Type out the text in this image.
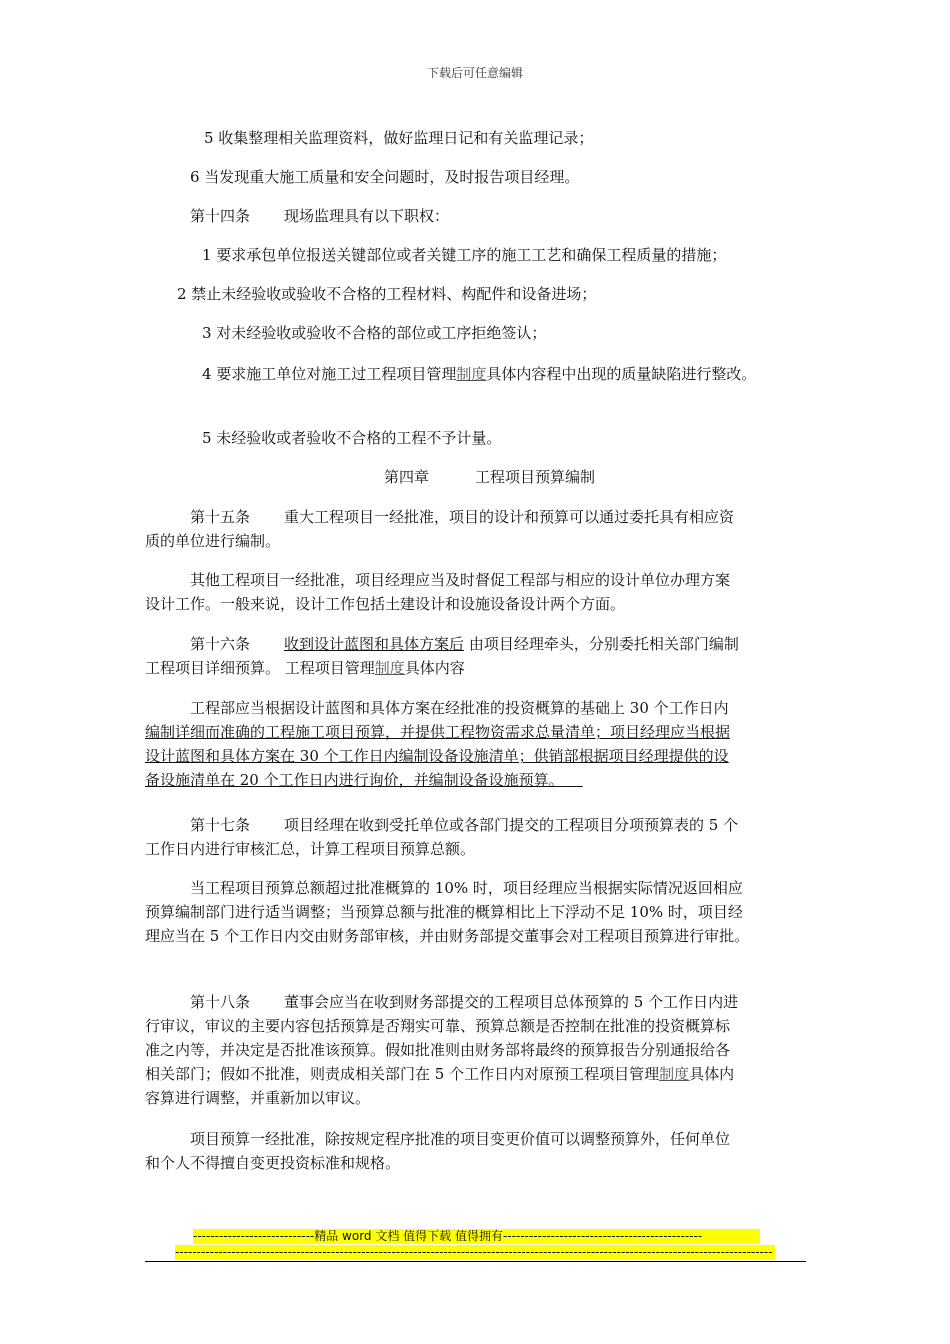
下载后可任意编辑
5 收集整理相关监理资料，做好监理日记和有关监理记录；
6 当发现重大施工质量和安全问题时，及时报告项目经理。
第十四条 现场监理具有以下职权：
1 要求承包单位报送关键部位或者关键工序的施工工艺和确保工程质量的措施；
2 禁止未经验收或验收不合格的工程材料、构配件和设备进场；
3 对未经验收或验收不合格的部位或工序拒绝签认；
4 要求施工单位对施工过工程项目管理制度具体内容程中出现的质量缺陷进行整改。
5 未经验收或者验收不合格的工程不予计量。
第四章	工程项目预算编制
第十五条 重大工程项目一经批准，项目的设计和预算可以通过委托具有相应资
质的单位进行编制。
其他工程项目一经批准，项目经理应当及时督促工程部与相应的设计单位办理方案
设计工作。一般来说，设计工作包括土建设计和设施设备设计两个方面。
第十六条 收到设计蓝图和具体方案后 由项目经理牵头，分别委托相关部门编制
工程项目详细预算。 工程项目管理制度具体内容
工程部应当根据设计蓝图和具体方案在经批准的投资概算的基础上 30 个工作日内
编制详细而准确的工程施工项目预算，并提供工程物资需求总量清单；项目经理应当根据
设计蓝图和具体方案在 30 个工作日内编制设备设施清单；供销部根据项目经理提供的设
备设施清单在 20 个工作日内进行询价，并编制设备设施预算。
第十七条 项目经理在收到受托单位或各部门提交的工程项目分项预算表的 5 个
工作日内进行审核汇总，计算工程项目预算总额。
当工程项目预算总额超过批准概算的 10% 时，项目经理应当根据实际情况返回相应
预算编制部门进行适当调整；当预算总额与批准的概算相比上下浮动不足 10% 时，项目经
理应当在 5 个工作日内交由财务部审核，并由财务部提交董事会对工程项目预算进行审批。
第十八条 董事会应当在收到财务部提交的工程项目总体预算的 5 个工作日内进
行审议，审议的主要内容包括预算是否翔实可靠、预算总额是否控制在批准的投资概算标
准之内等，并决定是否批准该预算。假如批准则由财务部将最终的预算报告分别通报给各
相关部门；假如不批准，则责成相关部门在 5 个工作日内对原预工程项目管理制度具体内
容算进行调整，并重新加以审议。
项目预算一经批准，除按规定程序批准的项目变更价值可以调整预算外，任何单位
和个人不得擅自变更投资标准和规格。
----------------------------精品 word 文档 值得下载 值得拥有----------------------------------------------
------------------------------------------------------------------------------------------------------------------------------------------
